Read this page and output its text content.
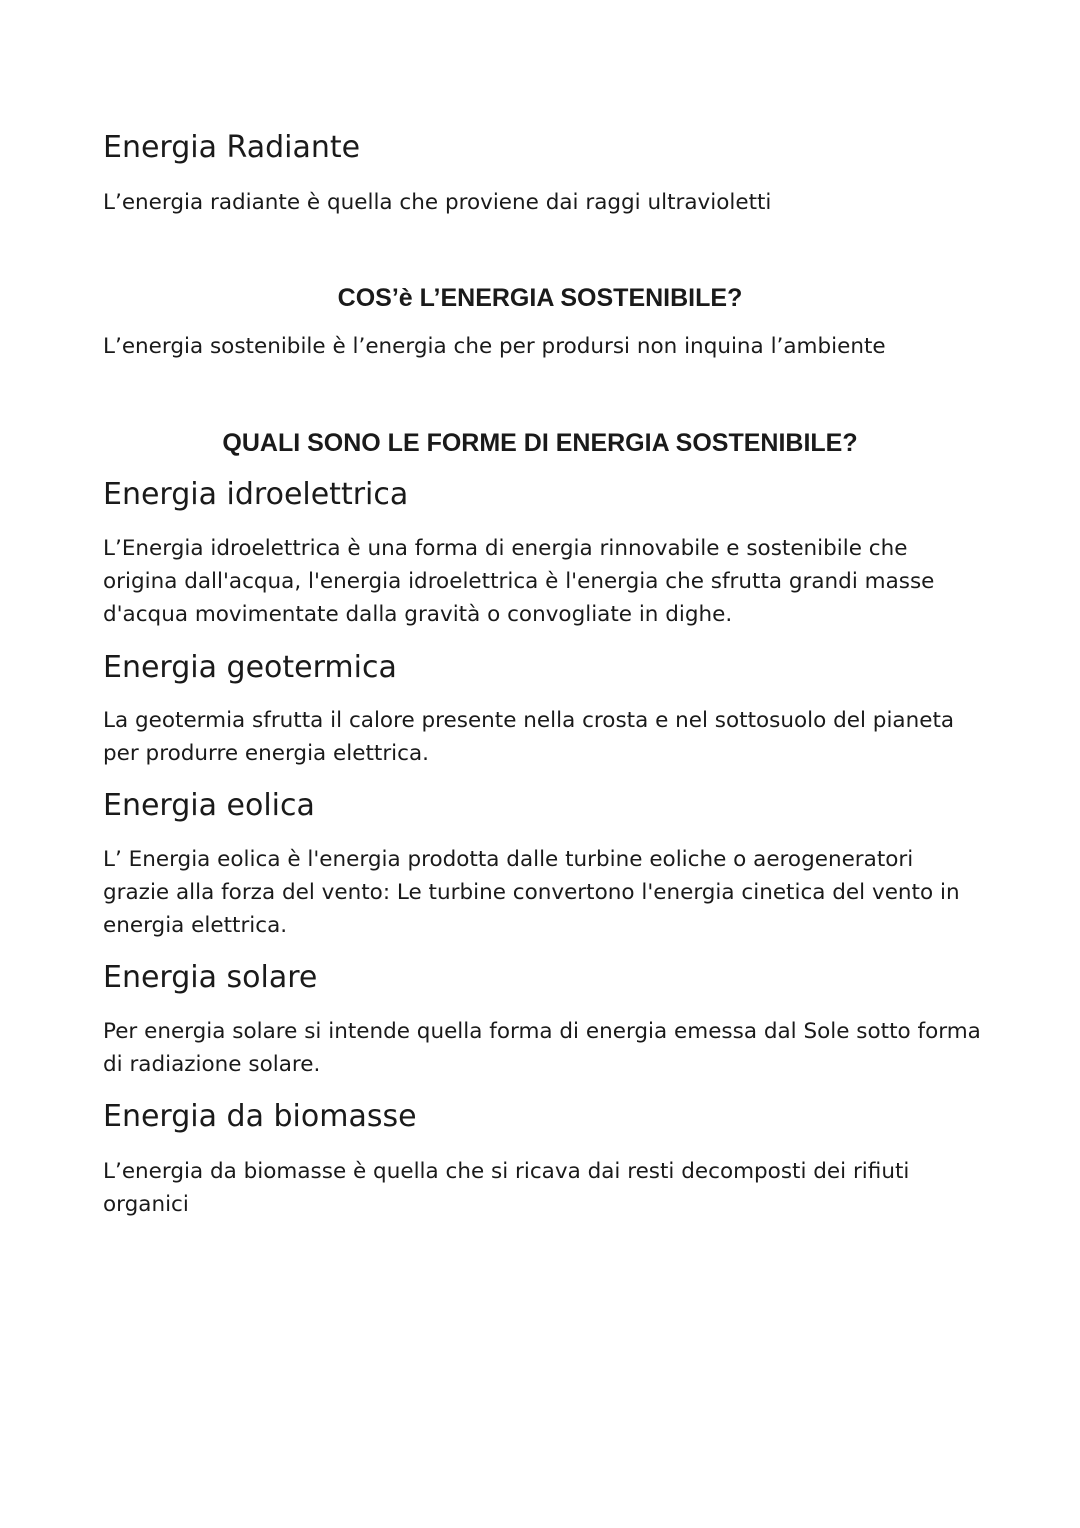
Energia Radiante

L’energia radiante è quella che proviene dai raggi ultravioletti

COS’è L’ENERGIA SOSTENIBILE?

L’energia sostenibile è l’energia che per prodursi non inquina l’ambiente

QUALI SONO LE FORME DI ENERGIA SOSTENIBILE?
Energia idroelettrica

L’Energia idroelettrica è una forma di energia rinnovabile e sostenibile che origina dall'acqua, l'energia idroelettrica è l'energia che sfrutta grandi masse d'acqua movimentate dalla gravità o convogliate in dighe.

Energia geotermica

La geotermia sfrutta il calore presente nella crosta e nel sottosuolo del pianeta per produrre energia elettrica.

Energia eolica

L’ Energia eolica è l'energia prodotta dalle turbine eoliche o aerogeneratori grazie alla forza del vento: Le turbine convertono l'energia cinetica del vento in energia elettrica.

Energia solare

Per energia solare si intende quella forma di energia emessa dal Sole sotto forma di radiazione solare.

Energia da biomasse

L’energia da biomasse è quella che si ricava dai resti decomposti dei rifiuti organici
